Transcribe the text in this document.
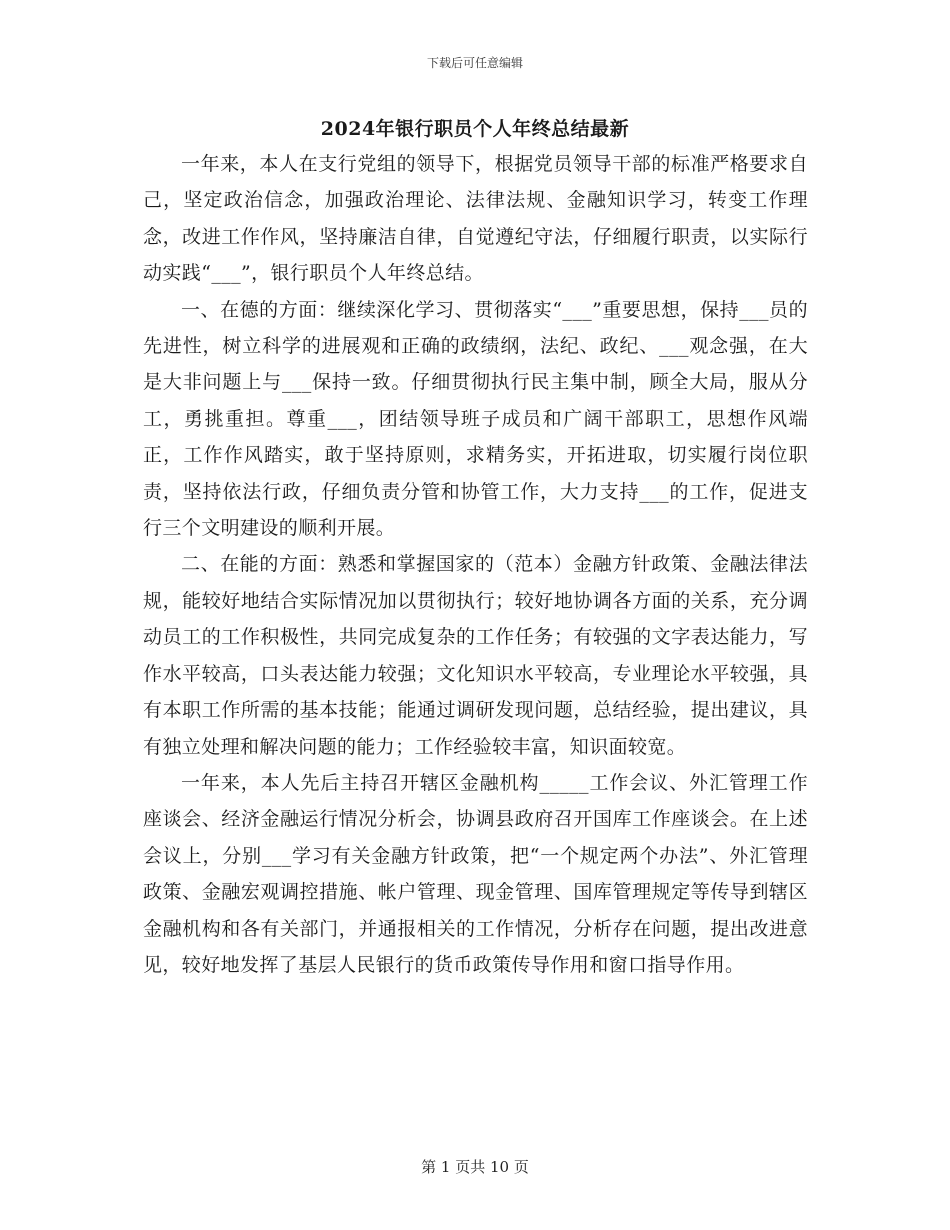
下载后可任意编辑
2024年银行职员个人年终总结最新

一年来，本人在支行党组的领导下，根据党员领导干部的标准严格要求自己，坚定政治信念，加强政治理论、法律法规、金融知识学习，转变工作理念，改进工作作风，坚持廉洁自律，自觉遵纪守法，仔细履行职责，以实际行动实践“___”，银行职员个人年终总结。

一、在德的方面：继续深化学习、贯彻落实“___”重要思想，保持___员的先进性，树立科学的进展观和正确的政绩纲，法纪、政纪、___观念强，在大是大非问题上与___保持一致。仔细贯彻执行民主集中制，顾全大局，服从分工，勇挑重担。尊重___，团结领导班子成员和广阔干部职工，思想作风端正，工作作风踏实，敢于坚持原则，求精务实，开拓进取，切实履行岗位职责，坚持依法行政，仔细负责分管和协管工作，大力支持___的工作，促进支行三个文明建设的顺利开展。

二、在能的方面：熟悉和掌握国家的（范本）金融方针政策、金融法律法规，能较好地结合实际情况加以贯彻执行；较好地协调各方面的关系，充分调动员工的工作积极性，共同完成复杂的工作任务；有较强的文字表达能力，写作水平较高，口头表达能力较强；文化知识水平较高，专业理论水平较强，具有本职工作所需的基本技能；能通过调研发现问题，总结经验，提出建议，具有独立处理和解决问题的能力；工作经验较丰富，知识面较宽。

一年来，本人先后主持召开辖区金融机构_____工作会议、外汇管理工作座谈会、经济金融运行情况分析会，协调县政府召开国库工作座谈会。在上述会议上，分别___学习有关金融方针政策，把“一个规定两个办法”、外汇管理政策、金融宏观调控措施、帐户管理、现金管理、国库管理规定等传导到辖区金融机构和各有关部门，并通报相关的工作情况，分析存在问题，提出改进意见，较好地发挥了基层人民银行的货币政策传导作用和窗口指导作用。

第 1 页共 10 页
